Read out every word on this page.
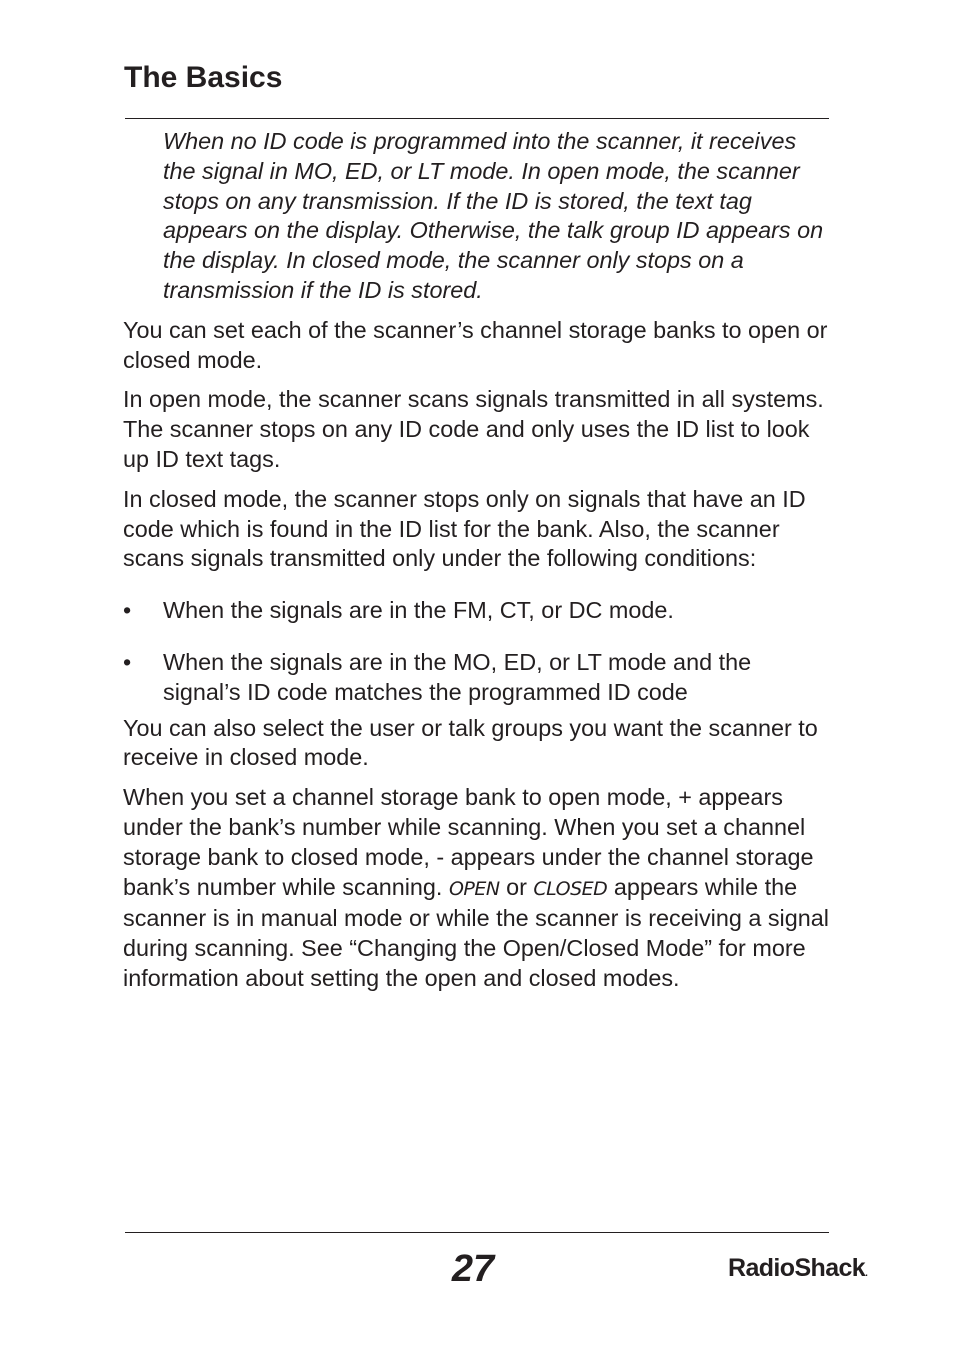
The Basics

When no ID code is programmed into the scanner, it receives the signal in MO, ED, or LT mode. In open mode, the scanner stops on any transmission. If the ID is stored, the text tag appears on the display. Otherwise, the talk group ID appears on the display. In closed mode, the scanner only stops on a transmission if the ID is stored.

You can set each of the scanner’s channel storage banks to open or closed mode.

In open mode, the scanner scans signals transmitted in all systems. The scanner stops on any ID code and only uses the ID list to look up ID text tags.

In closed mode, the scanner stops only on signals that have an ID code which is found in the ID list for the bank. Also, the scanner scans signals transmitted only under the following conditions:

• When the signals are in the FM, CT, or DC mode.
• When the signals are in the MO, ED, or LT mode and the signal’s ID code matches the programmed ID code

You can also select the user or talk groups you want the scanner to receive in closed mode.

When you set a channel storage bank to open mode, + appears under the bank’s number while scanning. When you set a channel storage bank to closed mode, - appears under the channel storage bank’s number while scanning. OPEN or CLOSED appears while the scanner is in manual mode or while the scanner is receiving a signal during scanning. See “Changing the Open/Closed Mode” for more information about setting the open and closed modes.

27	RadioShack.
